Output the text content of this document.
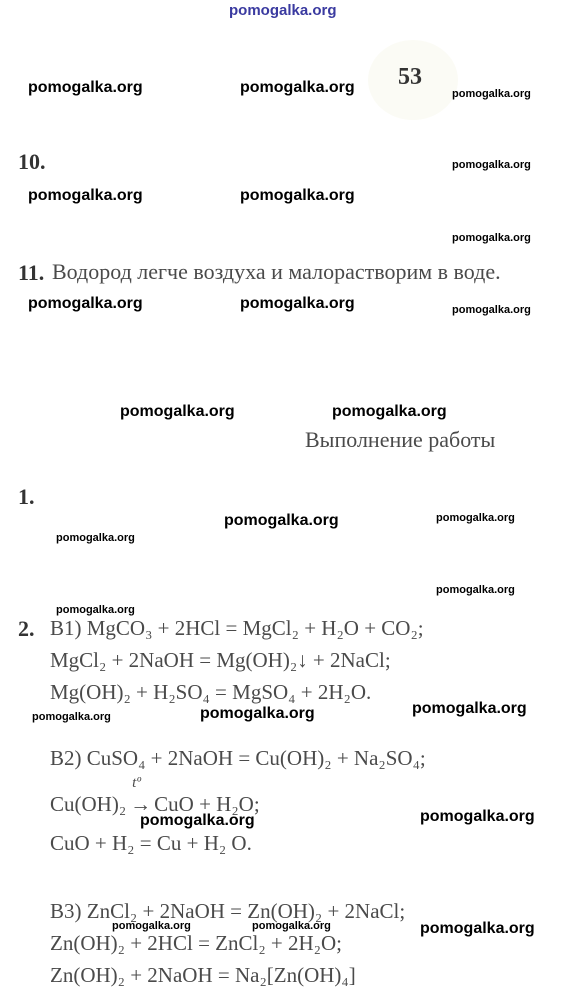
pomogalka.org
53
pomogalka.org	pomogalka.org	pomogalka.org
10.	pomogalka.org
pomogalka.org	pomogalka.org
pomogalka.org
11. Водород легче воздуха и малорастворим в воде.
pomogalka.org	pomogalka.org	pomogalka.org
pomogalka.org	pomogalka.org
Выполнение работы
1.
pomogalka.org	pomogalka.org
pomogalka.org
pomogalka.org
pomogalka.org
2. В1) MgCO₃ + 2HCl = MgCl₂ + H₂O + CO₂;
MgCl₂ + 2NaOH = Mg(OH)₂↓ + 2NaCl;
Mg(OH)₂ + H₂SO₄ = MgSO₄ + 2H₂O.
pomogalka.org
pomogalka.org
pomogalka.org
В2) CuSO₄ + 2NaOH = Cu(OH)₂ + Na₂SO₄;
Cu(OH)₂
tº
→ CuO + H₂O;
pomogalka.org	pomogalka.org
CuO + H₂ = Cu + H₂ O.
В3) ZnCl₂ + 2NaOH = Zn(OH)₂ + 2NaCl;
pomogalka.org	pomogalka.org	pomogalka.org
Zn(OH)₂ + 2HCl = ZnCl₂ + 2H₂O;
Zn(OH)₂ + 2NaOH = Na₂[Zn(OH)₄]
